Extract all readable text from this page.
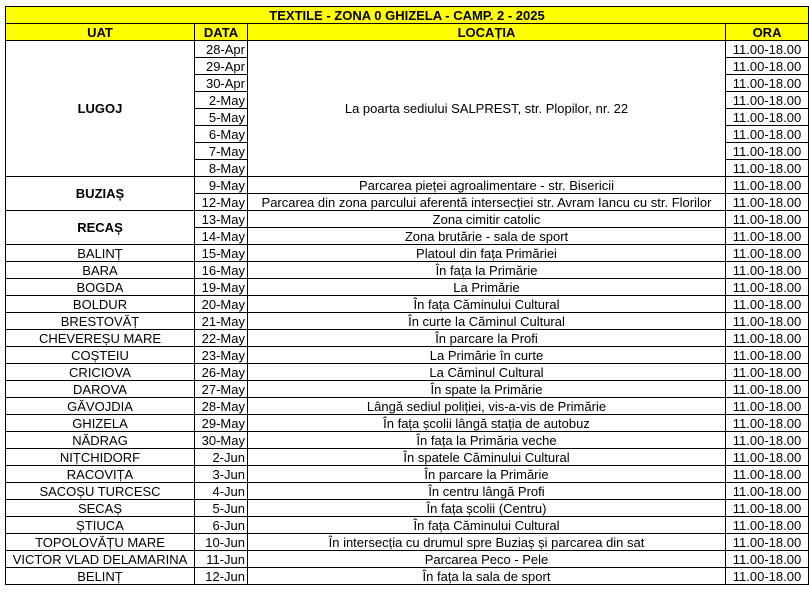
TEXTILE - ZONA 0 GHIZELA - CAMP. 2 - 2025			
UAT	DATA	LOCAȚIA	ORA
LUGOJ	28-Apr	La poarta sediului SALPREST, str. Plopilor, nr. 22	11.00-18.00
	29-Apr		11.00-18.00
	30-Apr		11.00-18.00
	2-May		11.00-18.00
	5-May		11.00-18.00
	6-May		11.00-18.00
	7-May		11.00-18.00
	8-May		11.00-18.00
BUZIAȘ	9-May	Parcarea pieței agroalimentare - str. Bisericii	11.00-18.00
	12-May	Parcarea din zona parcului aferentă intersecției str. Avram Iancu cu str. Florilor	11.00-18.00
RECAȘ	13-May	Zona cimitir catolic	11.00-18.00
	14-May	Zona brutărie - sala de sport	11.00-18.00
BALINȚ	15-May	Platoul din fața Primăriei	11.00-18.00
BARA	16-May	În fața la Primărie	11.00-18.00
BOGDA	19-May	La Primărie	11.00-18.00
BOLDUR	20-May	În fața Căminului Cultural	11.00-18.00
BRESTOVĂȚ	21-May	În curte la Căminul Cultural	11.00-18.00
CHEVEREȘU MARE	22-May	În parcare la Profi	11.00-18.00
COȘTEIU	23-May	La Primărie în curte	11.00-18.00
CRICIOVA	26-May	La Căminul Cultural	11.00-18.00
DAROVA	27-May	În spate la Primărie	11.00-18.00
GĂVOJDIA	28-May	Lângă sediul poliției, vis-a-vis de Primărie	11.00-18.00
GHIZELA	29-May	În fața școlii lângă stația de autobuz	11.00-18.00
NĂDRAG	30-May	În fața la Primăria veche	11.00-18.00
NIȚCHIDORF	2-Jun	În spatele Căminului Cultural	11.00-18.00
RACOVIȚA	3-Jun	În parcare la Primărie	11.00-18.00
SACOȘU TURCESC	4-Jun	În centru lângă Profi	11.00-18.00
SECAȘ	5-Jun	În fața școlii (Centru)	11.00-18.00
ȘTIUCA	6-Jun	În fața Căminului Cultural	11.00-18.00
TOPOLOVĂȚU MARE	10-Jun	În intersecția cu drumul spre Buziaș și parcarea din sat	11.00-18.00
VICTOR VLAD DELAMARINA	11-Jun	Parcarea Peco - Pele	11.00-18.00
BELINȚ	12-Jun	În fața la sala de sport	11.00-18.00
